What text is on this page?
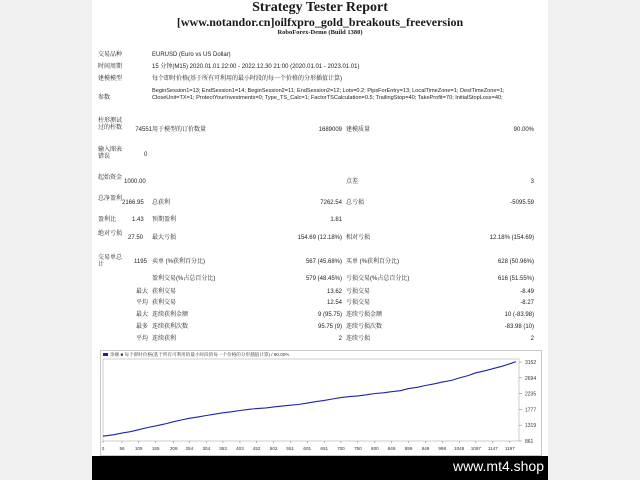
Strategy Tester Report
[www.notandor.cn]oilfxpro_gold_breakouts_freeversion
RoboForex-Demo (Build 1380)
交易品种	EURUSD (Euro vs US Dollar)
时间周期	15 分钟(M15) 2020.01.01 22:00 - 2022.12.30 21:00 (2020.01.01 - 2023.01.01)
建模模型	每个即时价格(基于所有可利用的最小时段的每一个价格的分形插值计算)
参数
BeginSession1=13; EndSession1=14; BeginSession2=11; EndSession2=12; Lots=0.2; PipsForEntry=13; LocalTimeZone=1; DestTimeZone=1; CloseUnit=TX=1; ProtectYourInvestments=0; Type_TS_Calc=1; FactorTSCalculation=0.5; TrailingStop=40; TakeProfit=70; InitialStopLoss=40;
柱形测试过的柱数	74551 用于模型的订价数量	1689009 建模质量	90.00%
输入图表错误	0
起始资金
1000.00	点差	3
总净盈利
2166.95 总获利	7262.54 总亏损	-5095.59
盈利比	1.43 预期盈利	1.81
绝对亏损
27.50 最大亏损	154.69 (12.18%) 相对亏损	12.18% (154.69)
交易单总计	1195 卖单 (%获利百分比)	567 (45.68%) 买单 (%获利百分比)	628 (50.96%)
盈利交易(%占总百分比)	579 (48.45%) 亏损交易(%占总百分比)	616 (51.55%)
最大 获利交易	13.62 亏损交易	-8.49
平均 获利交易	12.54 亏损交易	-8.27
最大 连续获利金额	9 (95.75) 连续亏损金额	10 (-83.98)
最多 连续获利次数	95.75 (9) 连续亏损次数	-83.98 (10)
平均 连续获利	2 连续亏损	2
余额 ■ 每个即时价格(基于所有可利用的最小时段的每一个价格的分形插值计算) / 90.00%
3152
2694
2235
1777
1319
861
0	56 105 155 208 254 304 353 403 452 502 551 601 651 700 750 800 849 899 949 998 1048 1097 1147 1197
www.mt4.shop
